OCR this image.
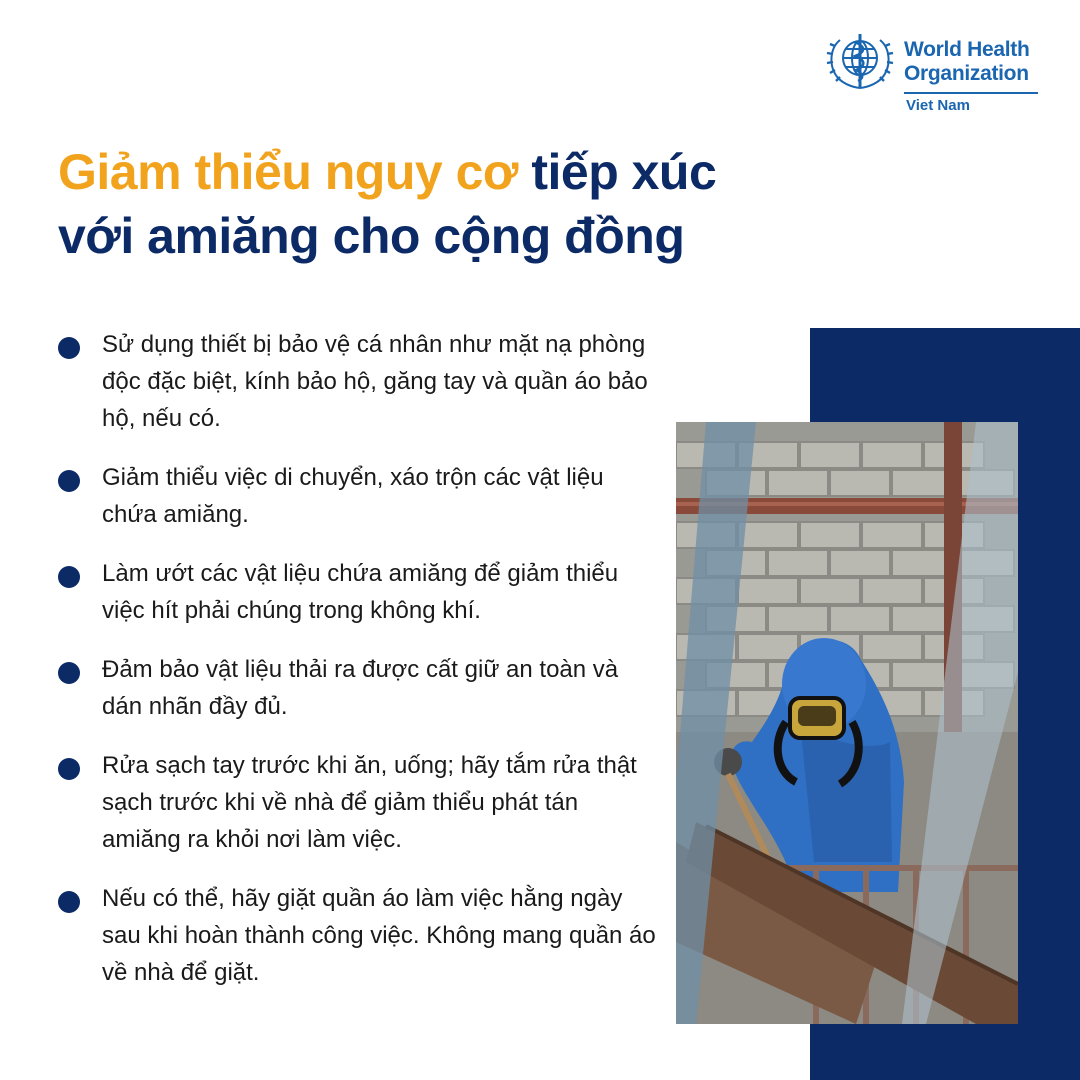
World Health
Organization
Viet Nam
Giảm thiểu nguy cơ tiếp xúc
với amiăng cho cộng đồng
Sử dụng thiết bị bảo vệ cá nhân như mặt nạ phòng độc đặc biệt, kính bảo hộ, găng tay và quần áo bảo hộ, nếu có.
Giảm thiểu việc di chuyển, xáo trộn các vật liệu chứa amiăng.
Làm ướt các vật liệu chứa amiăng để giảm thiểu việc hít phải chúng trong không khí.
Đảm bảo vật liệu thải ra được cất giữ an toàn và dán nhãn đầy đủ.
Rửa sạch tay trước khi ăn, uống; hãy tắm rửa thật sạch trước khi về nhà để giảm thiểu phát tán amiăng ra khỏi nơi làm việc.
Nếu có thể, hãy giặt quần áo làm việc hằng ngày sau khi hoàn thành công việc. Không mang quần áo về nhà để giặt.
